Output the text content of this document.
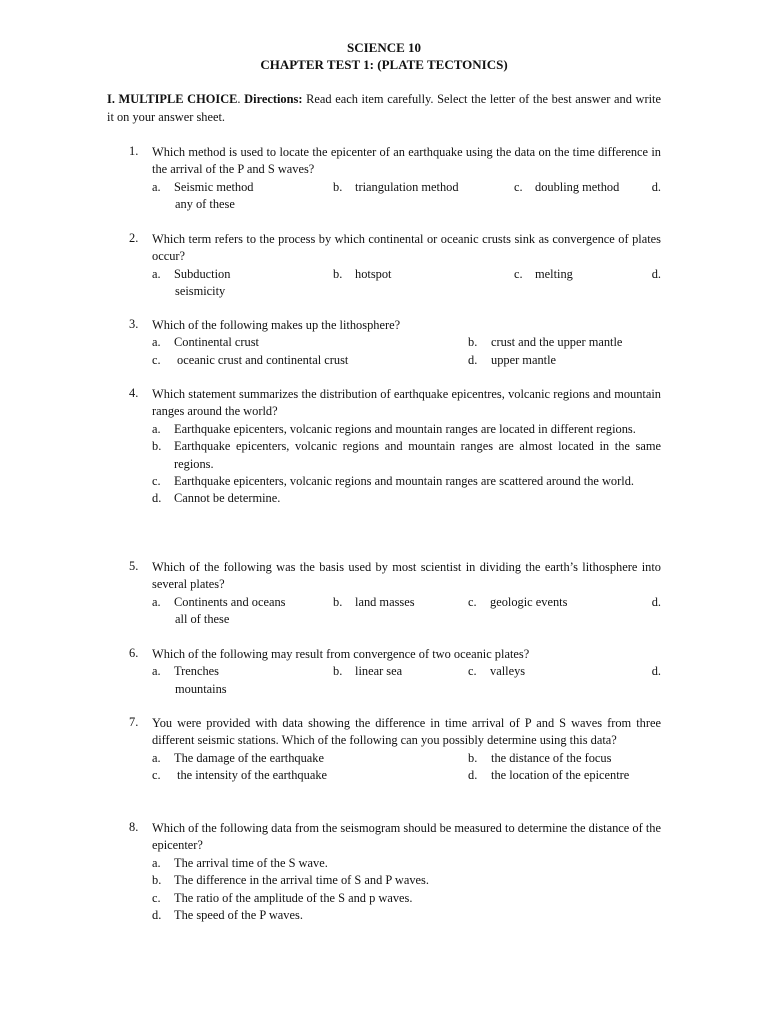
SCIENCE 10
CHAPTER TEST 1: (PLATE TECTONICS)
I. MULTIPLE CHOICE. Directions: Read each item carefully. Select the letter of the best answer and write it on your answer sheet.
1. Which method is used to locate the epicenter of an earthquake using the data on the time difference in the arrival of the P and S waves?
a. Seismic method	b. triangulation method	c. doubling method	d.
any of these
2. Which term refers to the process by which continental or oceanic crusts sink as convergence of plates occur?
a. Subduction	b. hotspot	c. melting	d.
seismicity
3. Which of the following makes up the lithosphere?
a. Continental crust	b. crust and the upper mantle
c. oceanic crust and continental crust	d. upper mantle
4. Which statement summarizes the distribution of earthquake epicentres, volcanic regions and mountain ranges around the world?
a. Earthquake epicenters, volcanic regions and mountain ranges are located in different regions.
b. Earthquake epicenters, volcanic regions and mountain ranges are almost located in the same regions.
c. Earthquake epicenters, volcanic regions and mountain ranges are scattered around the world.
d. Cannot be determine.
5. Which of the following was the basis used by most scientist in dividing the earth’s lithosphere into several plates?
a. Continents and oceans	b. land masses	c. geologic events	d.
all of these
6. Which of the following may result from convergence of two oceanic plates?
a. Trenches	b. linear sea	c. valleys	d.
mountains
7. You were provided with data showing the difference in time arrival of P and S waves from three different seismic stations. Which of the following can you possibly determine using this data?
a. The damage of the earthquake	b. the distance of the focus
c. the intensity of the earthquake	d. the location of the epicentre
8. Which of the following data from the seismogram should be measured to determine the distance of the epicenter?
a. The arrival time of the S wave.
b. The difference in the arrival time of S and P waves.
c. The ratio of the amplitude of the S and p waves.
d. The speed of the P waves.
